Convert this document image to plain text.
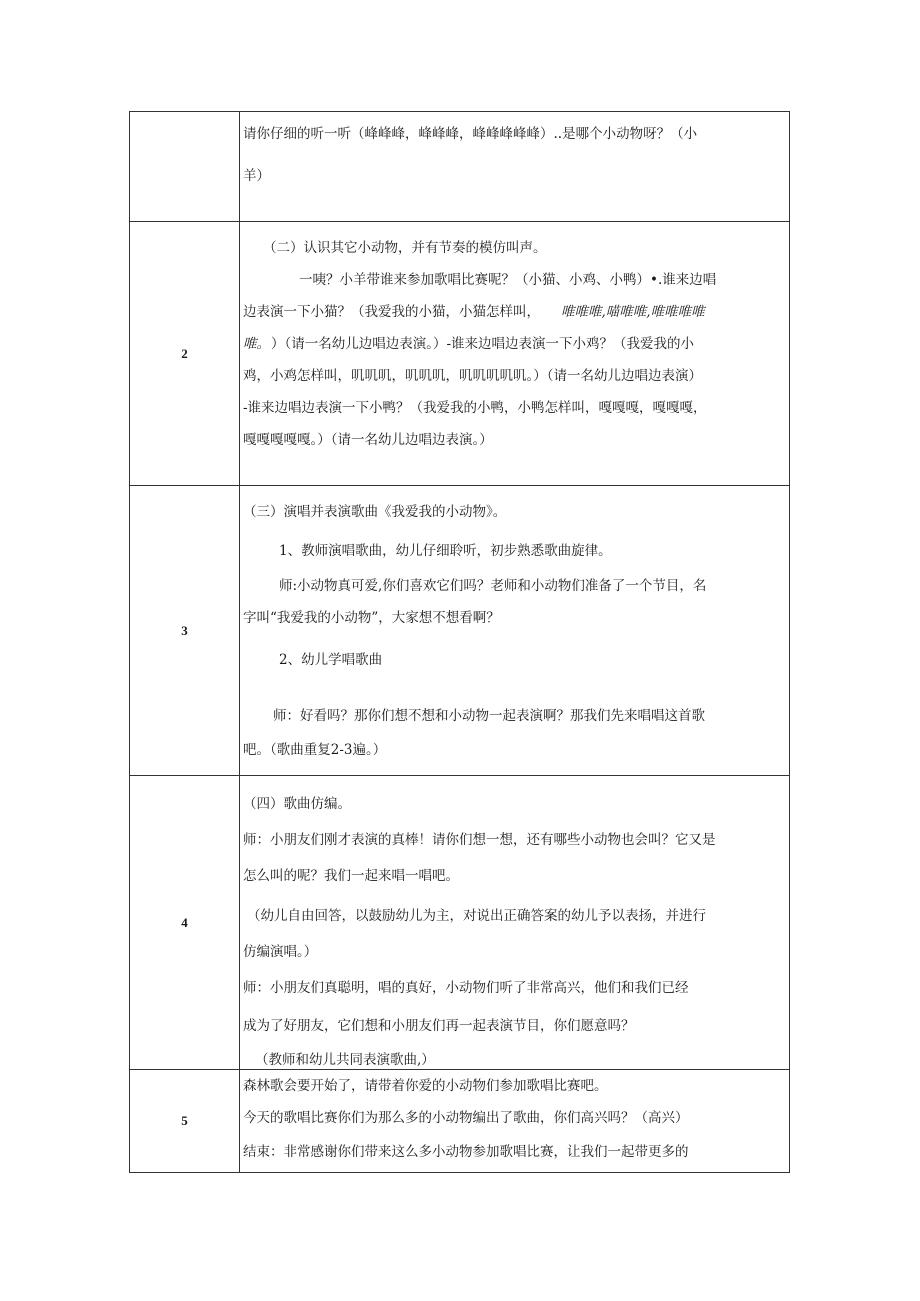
请你仔细的听一听（峰峰峰，峰峰峰，峰峰峰峰峰）..是哪个小动物呀？（小
羊）
2
（二）认识其它小动物，并有节奏的模仿叫声。
一咦？小羊带谁来参加歌唱比赛呢？（小猫、小鸡、小鸭）•.谁来边唱
边表演一下小猫？（我爱我的小猫，小猫怎样叫， 唯唯唯,喵唯唯,唯唯唯唯
唯。 ）（请一名幼儿边唱边表演。）-谁来边唱边表演一下小鸡？（我爱我的小
鸡，小鸡怎样叫，叽叽叽，叽叽叽，叽叽叽叽叽。）（请一名幼儿边唱边表演）
-谁来边唱边表演一下小鸭？（我爱我的小鸭，小鸭怎样叫，嘎嘎嘎，嘎嘎嘎，
嘎嘎嘎嘎嘎。）（请一名幼儿边唱边表演。）
3
（三）演唱并表演歌曲《我爱我的小动物》。
1、教师演唱歌曲，幼儿仔细聆听，初步熟悉歌曲旋律。
师:小动物真可爱,你们喜欢它们吗？老师和小动物们准备了一个节目，名
字叫“我爱我的小动物”，大家想不想看啊？
2、幼儿学唱歌曲
师：好看吗？那你们想不想和小动物一起表演啊？那我们先来唱唱这首歌
吧。（歌曲重复2-3遍。）
4
（四）歌曲仿编。
师：小朋友们刚才表演的真棒！请你们想一想，还有哪些小动物也会叫？它又是
怎么叫的呢？我们一起来唱一唱吧。
（幼儿自由回答，以鼓励幼儿为主，对说出正确答案的幼儿予以表扬，并进行
仿编演唱。）
师：小朋友们真聪明，唱的真好，小动物们听了非常高兴，他们和我们已经
成为了好朋友，它们想和小朋友们再一起表演节目，你们愿意吗？
（教师和幼儿共同表演歌曲,）
5
森林歌会要开始了，请带着你爱的小动物们参加歌唱比赛吧。
今天的歌唱比赛你们为那么多的小动物编出了歌曲，你们高兴吗？（高兴）
结束：非常感谢你们带来这么多小动物参加歌唱比赛，让我们一起带更多的
